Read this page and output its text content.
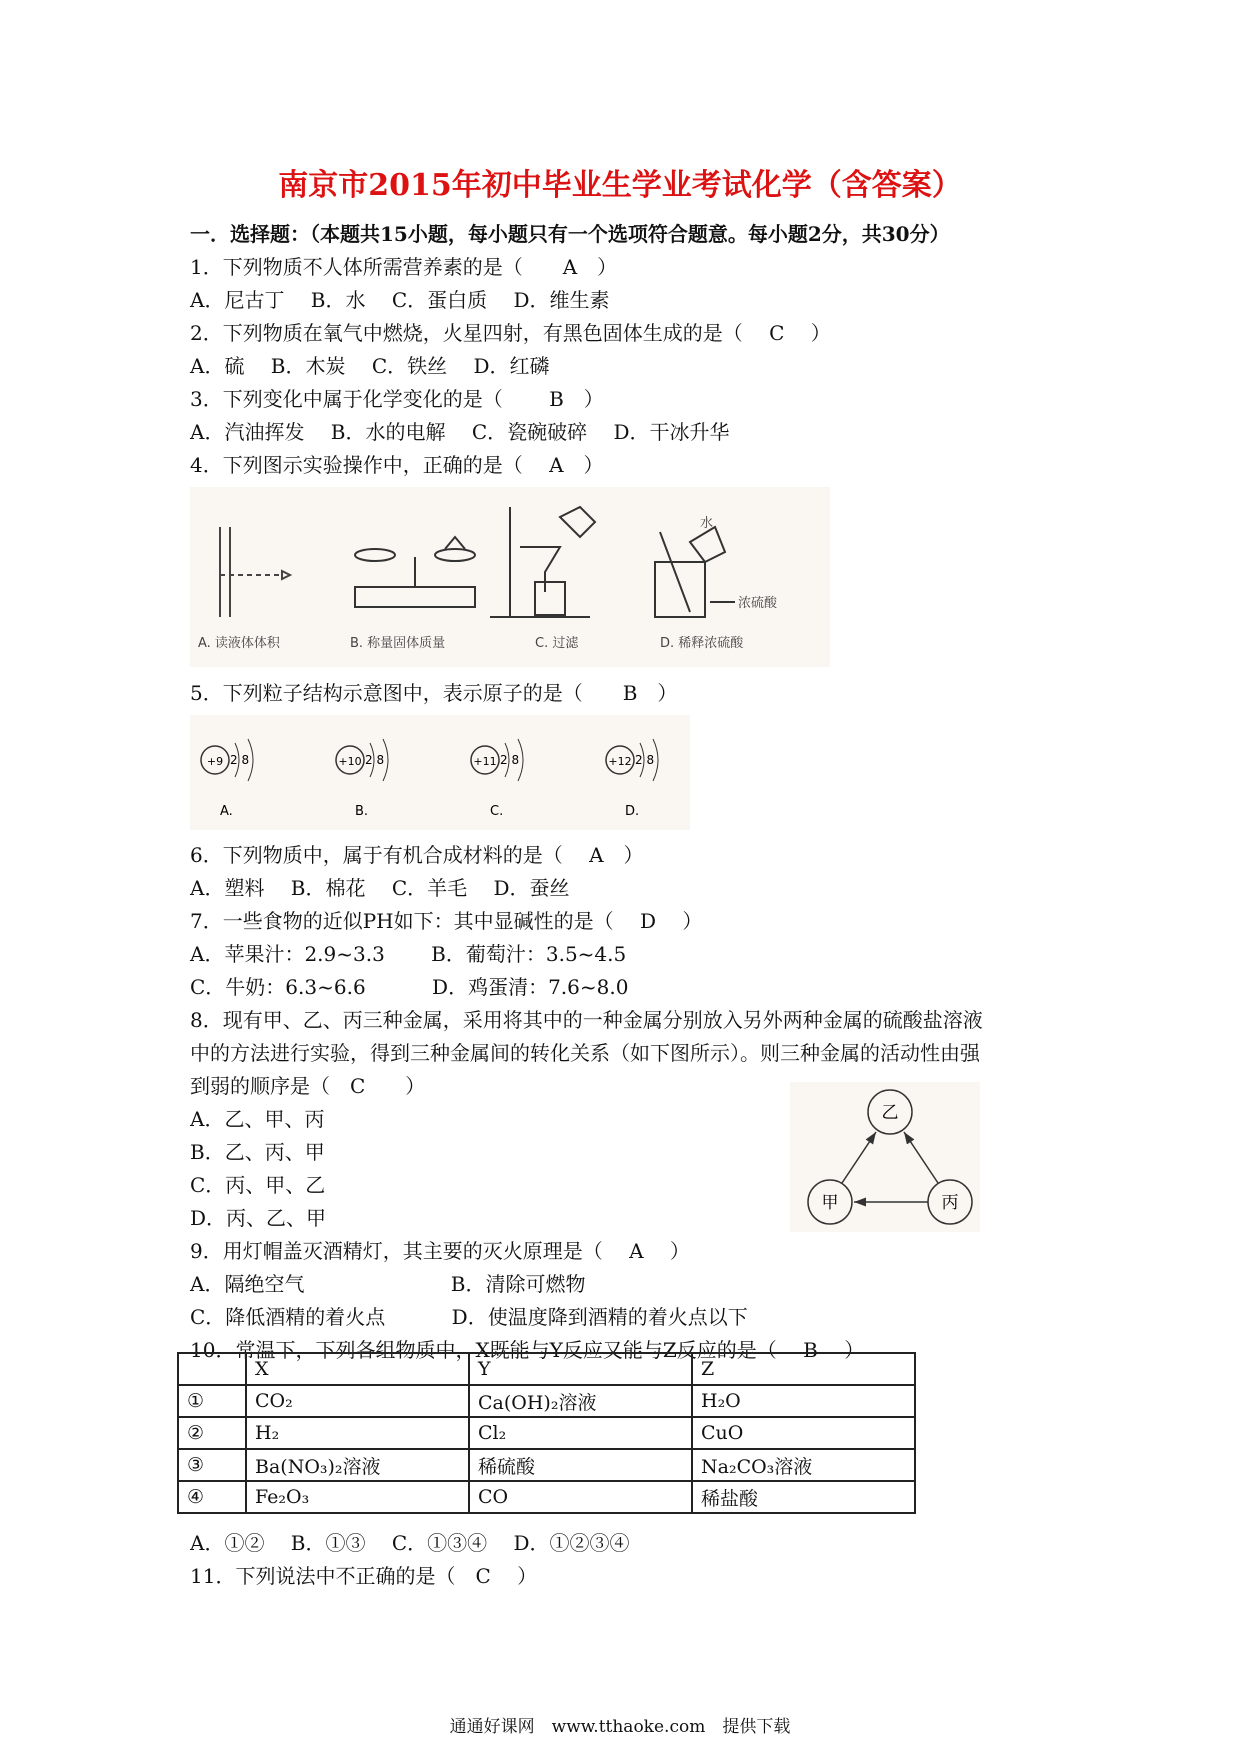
南京市2015年初中毕业生学业考试化学（含答案）
一．选择题：（本题共15小题，每小题只有一个选项符合题意。每小题2分，共30分）
1．下列物质不人体所需营养素的是（　　A　）
A．尼古丁　 B．水　 C．蛋白质　 D．维生素
2．下列物质在氧气中燃烧，火星四射，有黑色固体生成的是（　 C　 ）
A．硫　 B．木炭　 C．铁丝　 D．红磷
3．下列变化中属于化学变化的是（　　 B　）
A．汽油挥发　 B．水的电解　 C．瓷碗破碎　 D．干冰升华
4．下列图示实验操作中，正确的是（　 A　）
A. 读液体体积	B. 称量固体质量	C. 过滤
水
浓硫酸
D. 稀释浓硫酸
5．下列粒子结构示意图中，表示原子的是（　　B　）
+9 2 8
A.
+10 2 8
B.
+11 2 8
C.
+12 2 8
D.
6．下列物质中，属于有机合成材料的是（　 A　）
A．塑料　 B．棉花　 C．羊毛　 D．蚕丝
7．一些食物的近似PH如下：其中显碱性的是（　 D　 ）
A．苹果汁：2.9~3.3　　 B．葡萄汁：3.5~4.5
C．牛奶：6.3~6.6　　　 D．鸡蛋清：7.6~8.0
8．现有甲、乙、丙三种金属，采用将其中的一种金属分别放入另外两种金属的硫酸盐溶液
中的方法进行实验，得到三种金属间的转化关系（如下图所示）。则三种金属的活动性由强
到弱的顺序是（　C　　）
A．乙、甲、丙
B．乙、丙、甲
C．丙、甲、乙
D．丙、乙、甲
乙
甲	丙
9．用灯帽盖灭酒精灯，其主要的灭火原理是（　 A　 ）
A．隔绝空气　　　　　　　 B．清除可燃物
C．降低酒精的着火点　　　 D．使温度降到酒精的着火点以下
10．常温下，下列各组物质中，X既能与Y反应又能与Z反应的是（　 B　 ）
	X	Y	Z
①	CO₂	Ca(OH)₂溶液	H₂O
②	H₂	Cl₂	CuO
③	Ba(NO₃)₂溶液	稀硫酸	Na₂CO₃溶液
④	Fe₂O₃	CO	稀盐酸
A．①②　 B．①③　 C．①③④　 D．①②③④
11．下列说法中不正确的是（　C　 ）
通通好课网　www.tthaoke.com　提供下载
